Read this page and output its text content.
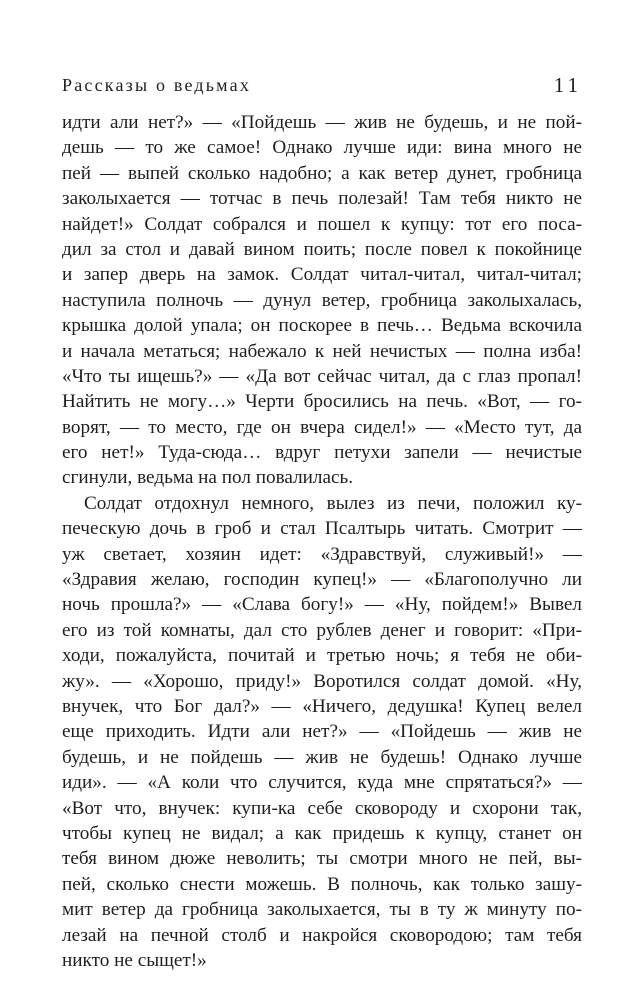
Рассказы о ведьмах	11
идти али нет?» — «Пойдешь — жив не будешь, и не пой-
дешь — то же самое! Однако лучше иди: вина много не
пей — выпей сколько надобно; а как ветер дунет, гробница
заколыхается — тотчас в печь полезай! Там тебя никто не
найдет!» Солдат собрался и пошел к купцу: тот его поса-
дил за стол и давай вином поить; после повел к покойнице
и запер дверь на замок. Солдат читал-читал, читал-читал;
наступила полночь — дунул ветер, гробница заколыхалась,
крышка долой упала; он поскорее в печь… Ведьма вскочила
и начала метаться; набежало к ней нечистых — полна изба!
«Что ты ищешь?» — «Да вот сейчас читал, да с глаз пропал!
Найтить не могу…» Черти бросились на печь. «Вот, — го-
ворят, — то место, где он вчера сидел!» — «Место тут, да
его нет!» Туда-сюда… вдруг петухи запели — нечистые
сгинули, ведьма на пол повалилась.
Солдат отдохнул немного, вылез из печи, положил ку-
печескую дочь в гроб и стал Псалтырь читать. Смотрит —
уж светает, хозяин идет: «Здравствуй, служивый!» —
«Здравия желаю, господин купец!» — «Благополучно ли
ночь прошла?» — «Слава богу!» — «Ну, пойдем!» Вывел
его из той комнаты, дал сто рублев денег и говорит: «При-
ходи, пожалуйста, почитай и третью ночь; я тебя не оби-
жу». — «Хорошо, приду!» Воротился солдат домой. «Ну,
внучек, что Бог дал?» — «Ничего, дедушка! Купец велел
еще приходить. Идти али нет?» — «Пойдешь — жив не
будешь, и не пойдешь — жив не будешь! Однако лучше
иди». — «А коли что случится, куда мне спрятаться?» —
«Вот что, внучек: купи-ка себе сковороду и схорони так,
чтобы купец не видал; а как придешь к купцу, станет он
тебя вином дюже неволить; ты смотри много не пей, вы-
пей, сколько снести можешь. В полночь, как только зашу-
мит ветер да гробница заколыхается, ты в ту ж минуту по-
лезай на печной столб и накройся сковородою; там тебя
никто не сыщет!»
